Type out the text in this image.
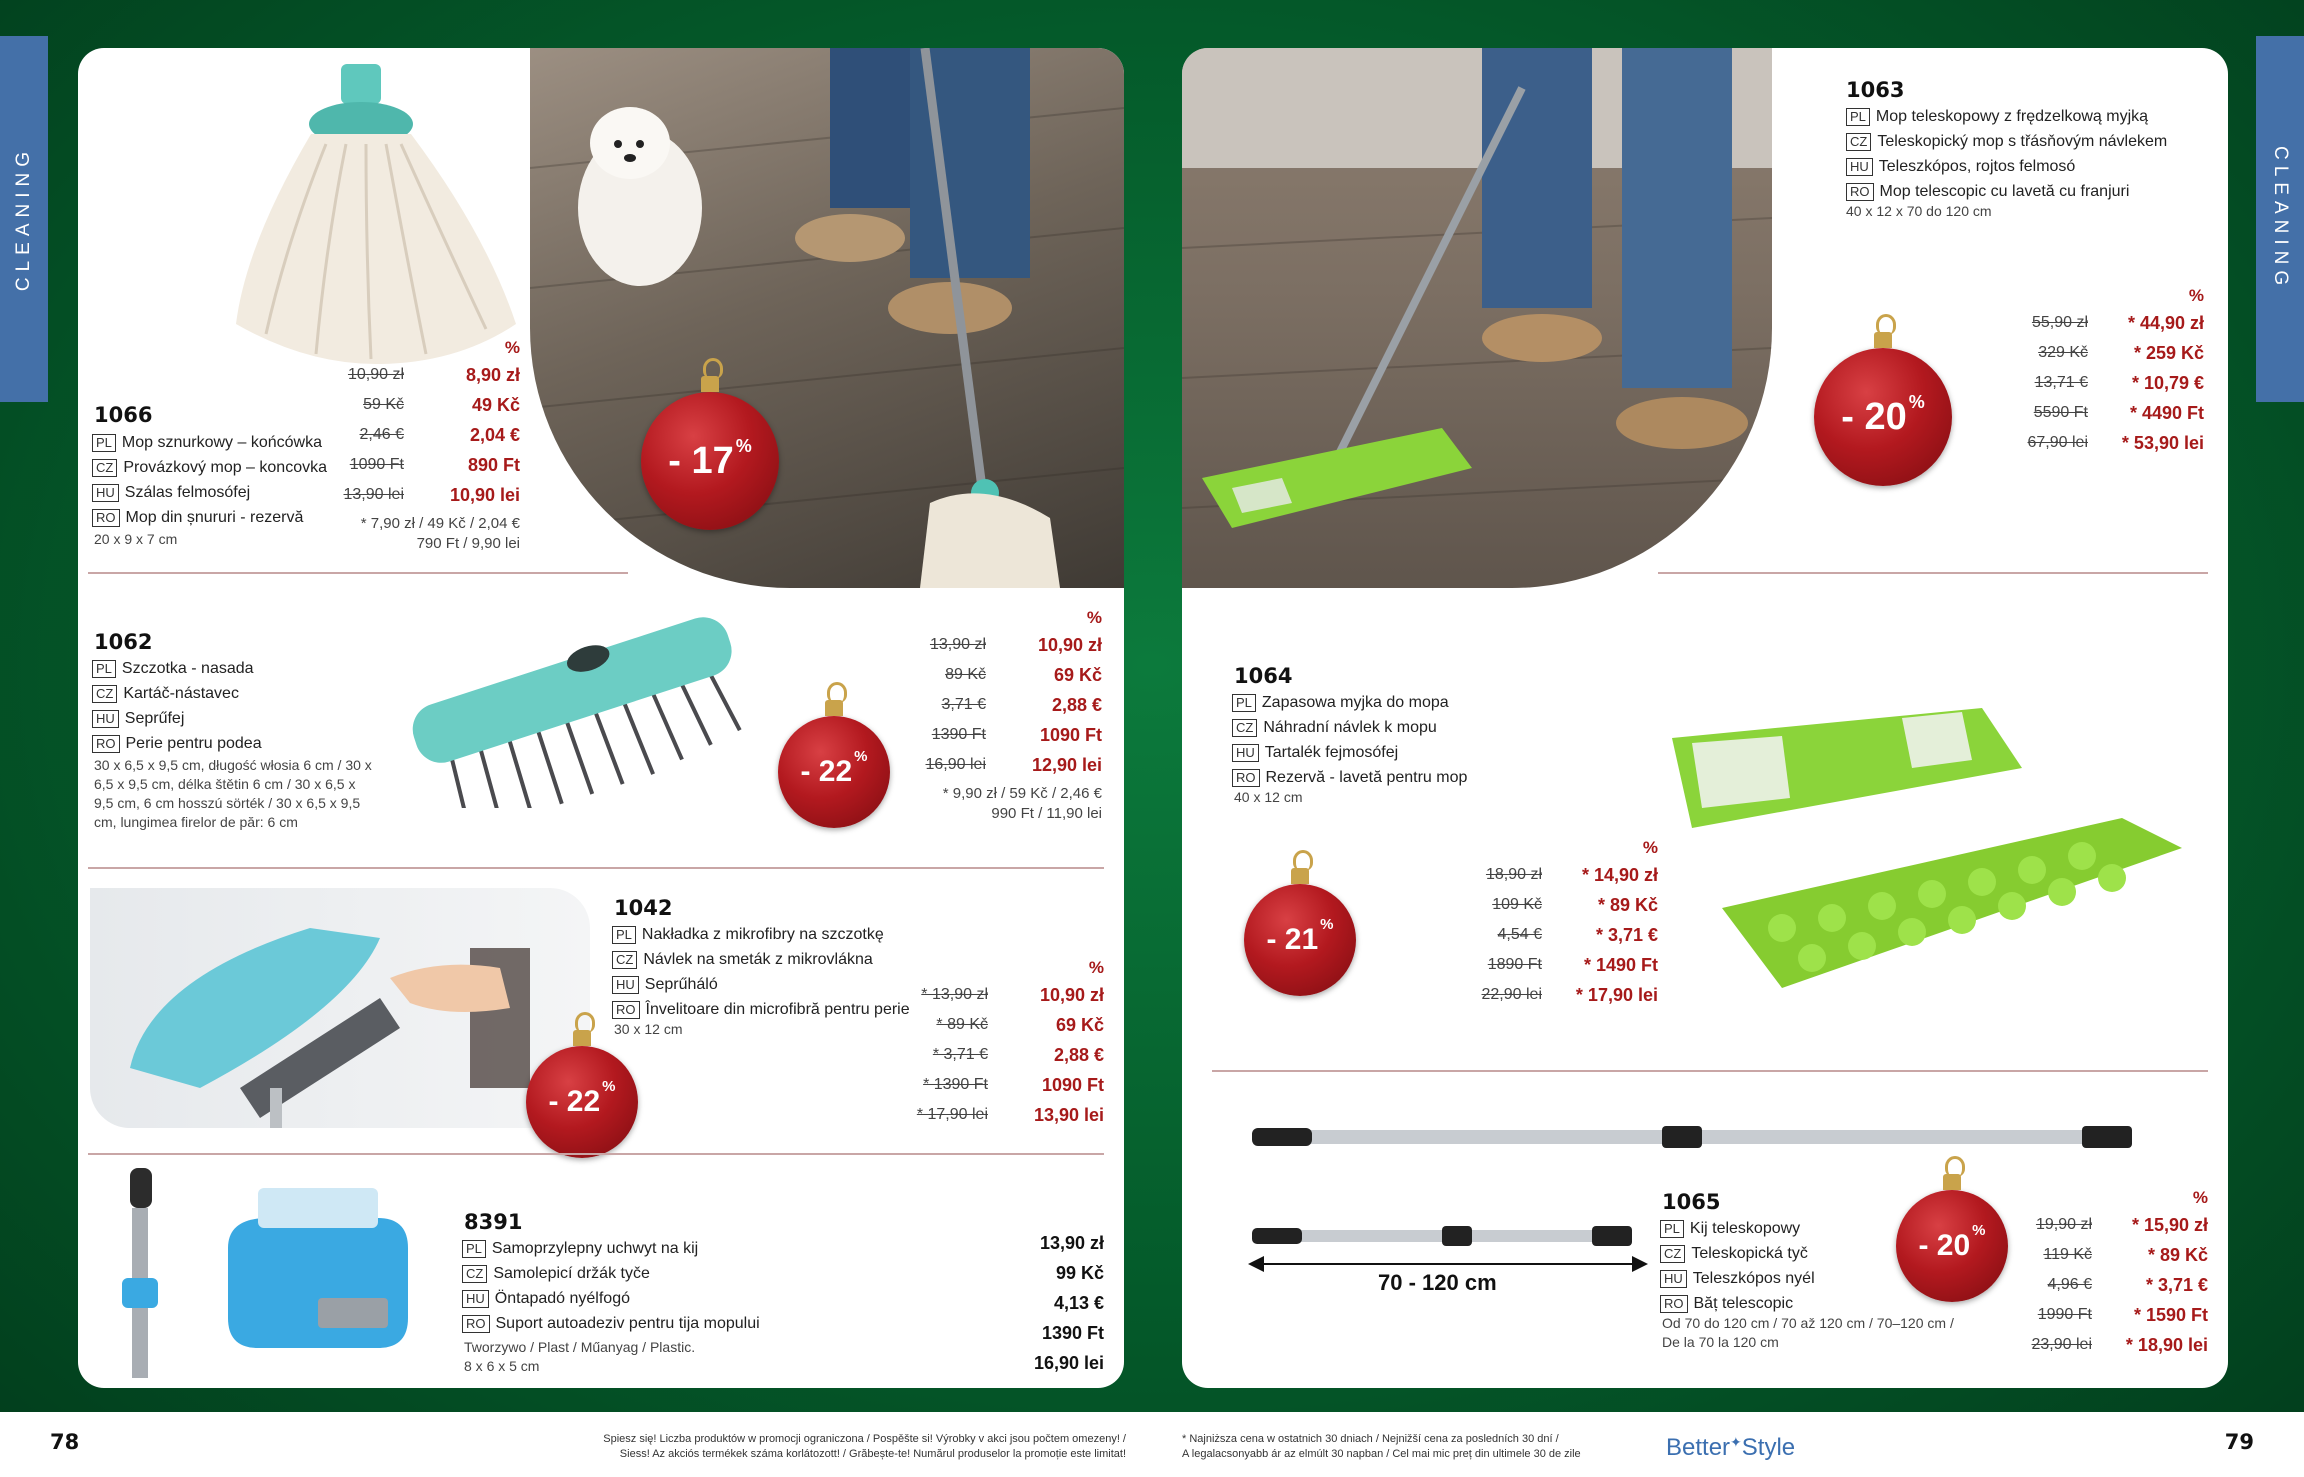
CLEANING	CLEANING
1066
PL Mop sznurkowy – końcówka
CZ Provázkový mop – koncovka
HU Szálas felmosófej
RO Mop din șnururi - rezervă
20 x 9 x 7 cm
%
10,90 zł	8,90 zł
59 Kč	49 Kč
2,46 €	2,04 €
1090 Ft	890 Ft
13,90 lei	10,90 lei
* 7,90 zł / 49 Kč / 2,04 €
790 Ft / 9,90 lei
- 17 %
1062
PL Szczotka - nasada
CZ Kartáč-nástavec
HU Seprűfej
RO Perie pentru podea
30 x 6,5 x 9,5 cm, długość włosia 6 cm / 30 x 6,5 x 9,5 cm, délka štětin 6 cm / 30 x 6,5 x 9,5 cm, 6 cm hosszú sörték / 30 x 6,5 x 9,5 cm, lungimea firelor de păr: 6 cm
%
13,90 zł	10,90 zł
89 Kč	69 Kč
3,71 €	2,88 €
1390 Ft	1090 Ft
16,90 lei	12,90 lei
* 9,90 zł / 59 Kč / 2,46 €
990 Ft / 11,90 lei
- 22 %
1042
PL Nakładka z mikrofibry na szczotkę
CZ Návlek na smeták z mikrovlákna
HU Seprűháló
RO Învelitoare din microfibră pentru perie
30 x 12 cm
%
* 13,90 zł	10,90 zł
* 89 Kč	69 Kč
* 3,71 €	2,88 €
* 1390 Ft	1090 Ft
* 17,90 lei	13,90 lei
- 22 %
8391
PL Samoprzylepny uchwyt na kij
CZ Samolepicí držák tyče
HU Öntapadó nyélfogó
RO Suport autoadeziv pentru tija mopului
Tworzywo / Plast / Műanyag / Plastic.
8 x 6 x 5 cm
13,90 zł
99 Kč
4,13 €
1390 Ft
16,90 lei
1063
PL Mop teleskopowy z frędzelkową myjką
CZ Teleskopický mop s třásňovým návlekem
HU Teleszkópos, rojtos felmosó
RO Mop telescopic cu lavetă cu franjuri
40 x 12 x 70 do 120 cm
- 20 %
%
55,90 zł	* 44,90 zł
329 Kč	* 259 Kč
13,71 €	* 10,79 €
5590 Ft	* 4490 Ft
67,90 lei	* 53,90 lei
1064
PL Zapasowa myjka do mopa
CZ Náhradní návlek k mopu
HU Tartalék fejmosófej
RO Rezervă - lavetă pentru mop
40 x 12 cm
- 21 %
%
18,90 zł	* 14,90 zł
109 Kč	* 89 Kč
4,54 €	* 3,71 €
1890 Ft	* 1490 Ft
22,90 lei	* 17,90 lei
70 - 120 cm
1065
PL Kij teleskopowy
CZ Teleskopická tyč
HU Teleszkópos nyél
RO Băț telescopic
Od 70 do 120 cm / 70 až 120 cm / 70–120 cm / De la 70 la 120 cm
- 20 %
%
19,90 zł	* 15,90 zł
119 Kč	* 89 Kč
4,96 €	* 3,71 €
1990 Ft	* 1590 Ft
23,90 lei	* 18,90 lei
78	79
Spiesz się! Liczba produktów w promocji ograniczona / Pospěšte si! Výrobky v akci jsou počtem omezeny! /
Siess! Az akciós termékek száma korlátozott! / Grăbește-te! Numărul produselor la promoție este limitat!
* Najniższa cena w ostatnich 30 dniach / Nejnižší cena za posledních 30 dní /
A legalacsonyabb ár az elmúlt 30 napban / Cel mai mic preț din ultimele 30 de zile	Better✦Style
